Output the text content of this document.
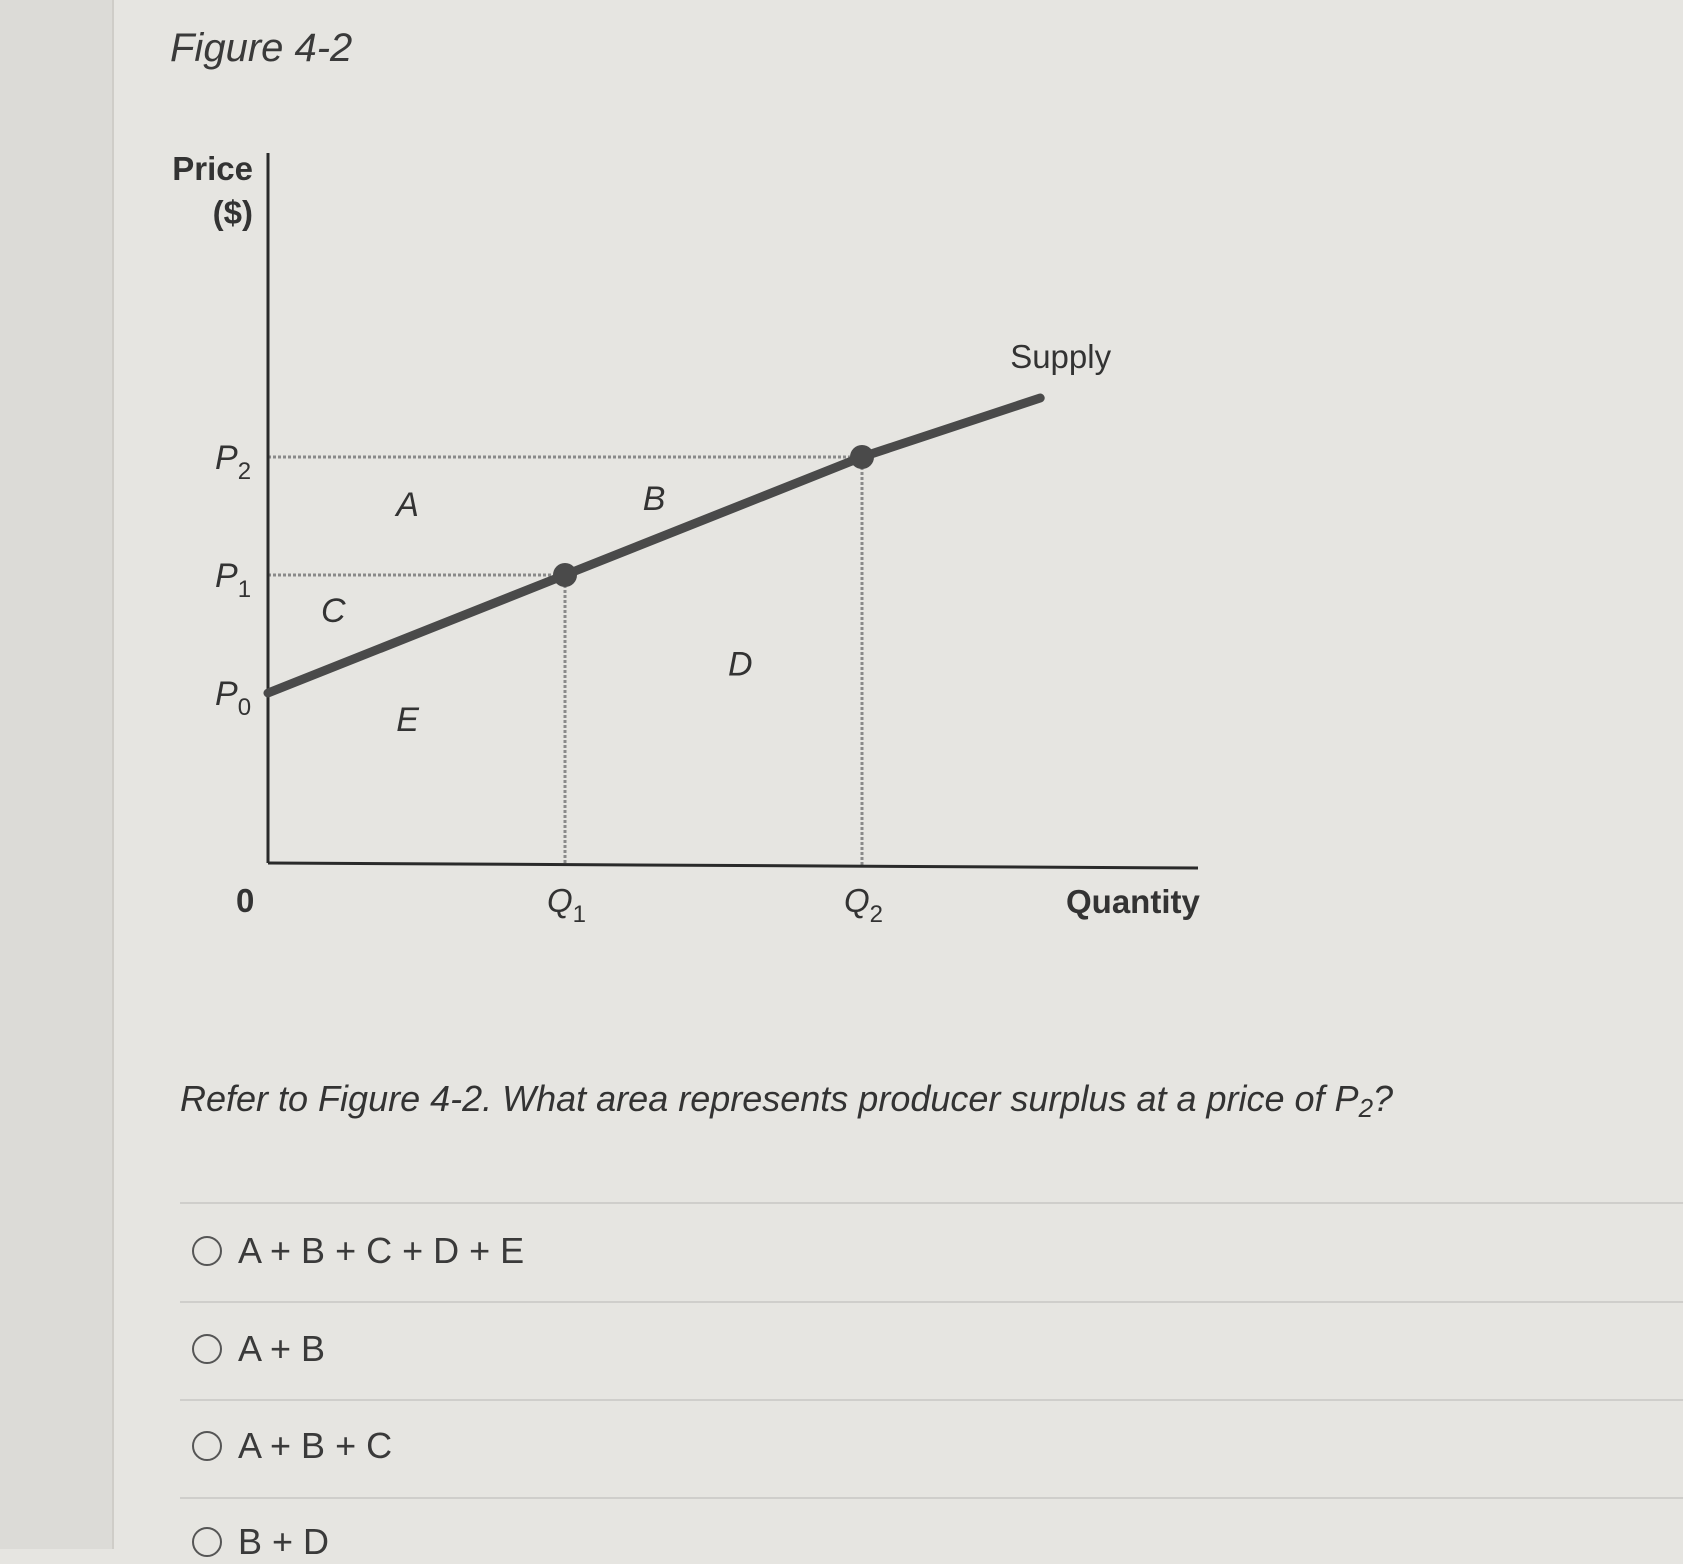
Figure 4-2
Price
($)
Quantity
$P_0$
$P_1$
$P_2$
0	$Q_1$	$Q_2$
A	B
C
D
E
Supply
Refer to Figure 4-2. What area represents producer surplus at a price of $P_2$?
A + B + C + D + E
A + B
A + B + C
B + D
